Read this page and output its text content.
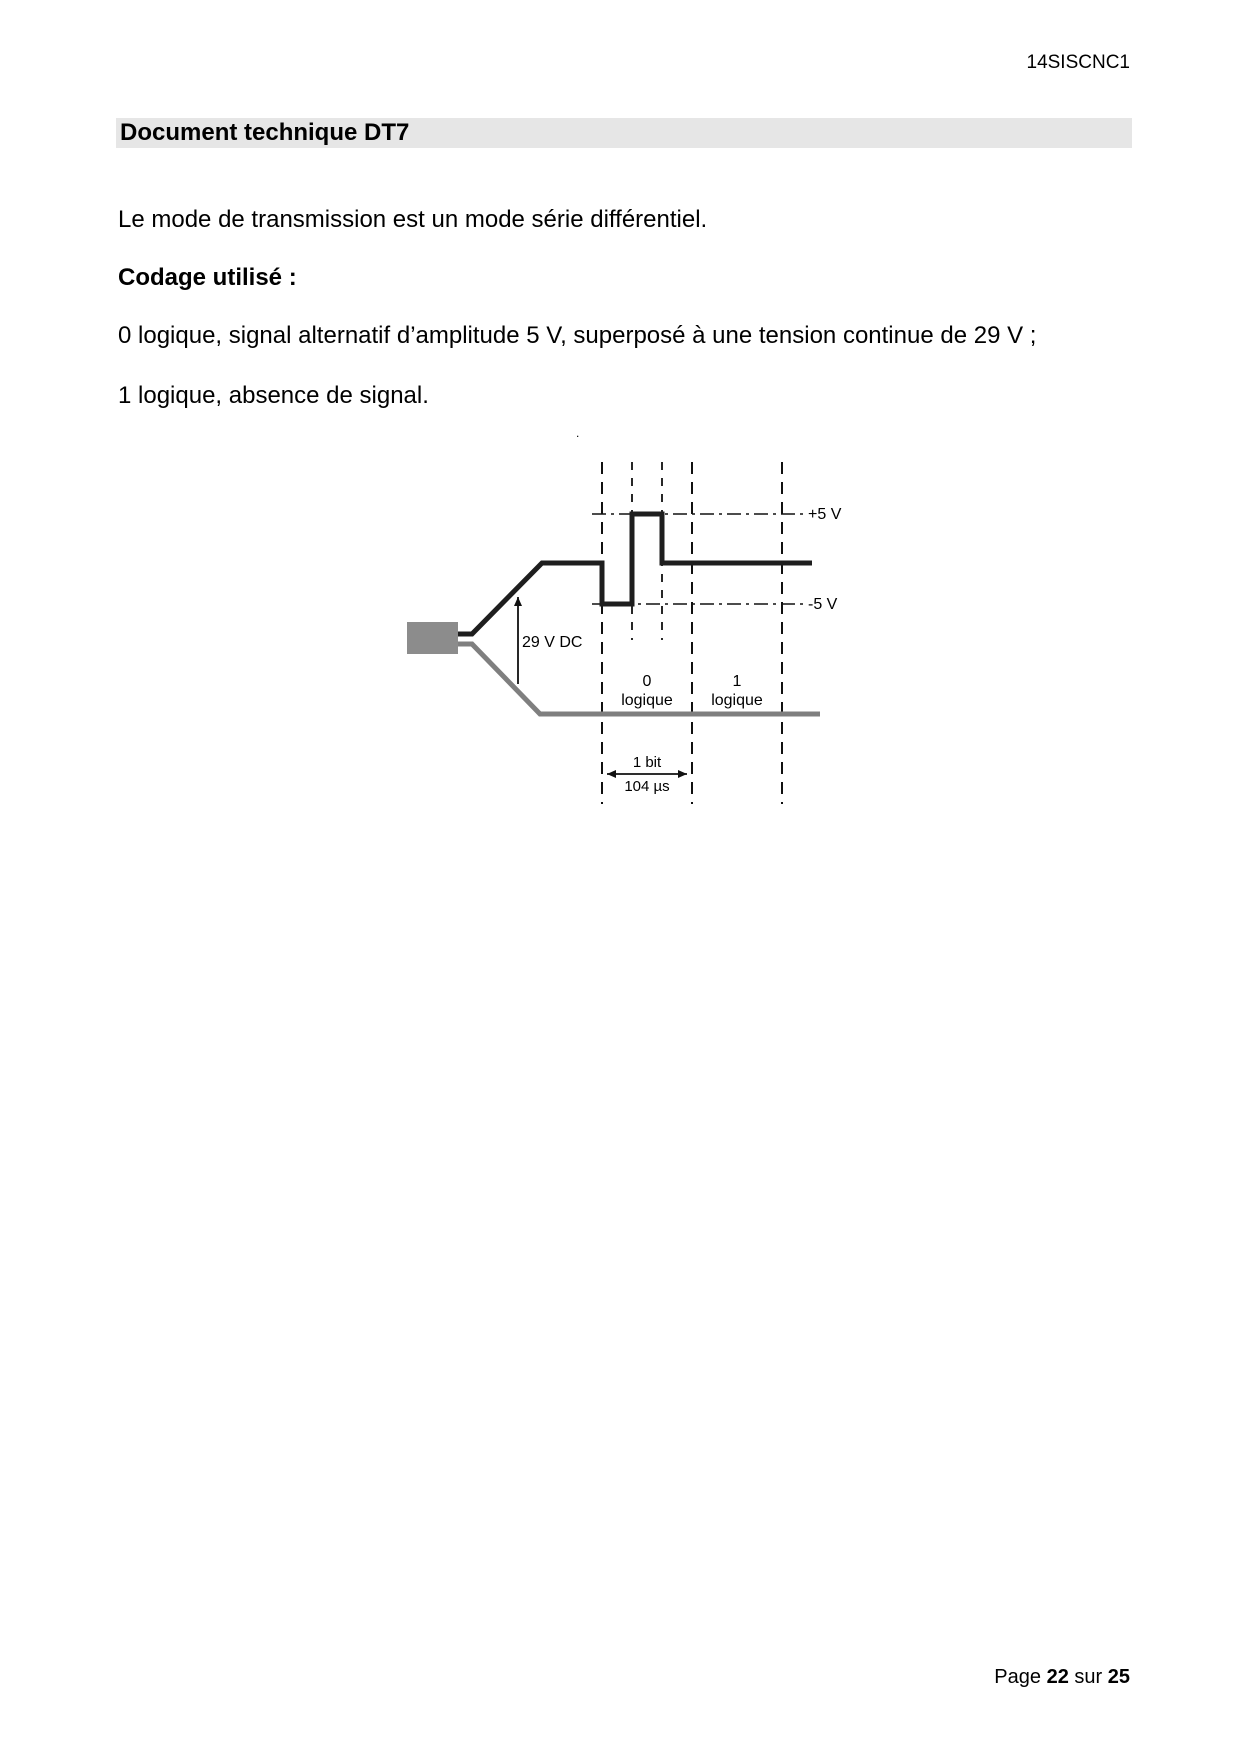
14SISCNC1
Document technique DT7

Le mode de transmission est un mode série différentiel.

Codage utilisé :

0 logique, signal alternatif d’amplitude 5 V, superposé à une tension continue de 29 V ;

1 logique, absence de signal.

.
+5 V
-5 V
29 V DC
0
logique
1
logique
1 bit
104 µs
Page 22 sur 25
